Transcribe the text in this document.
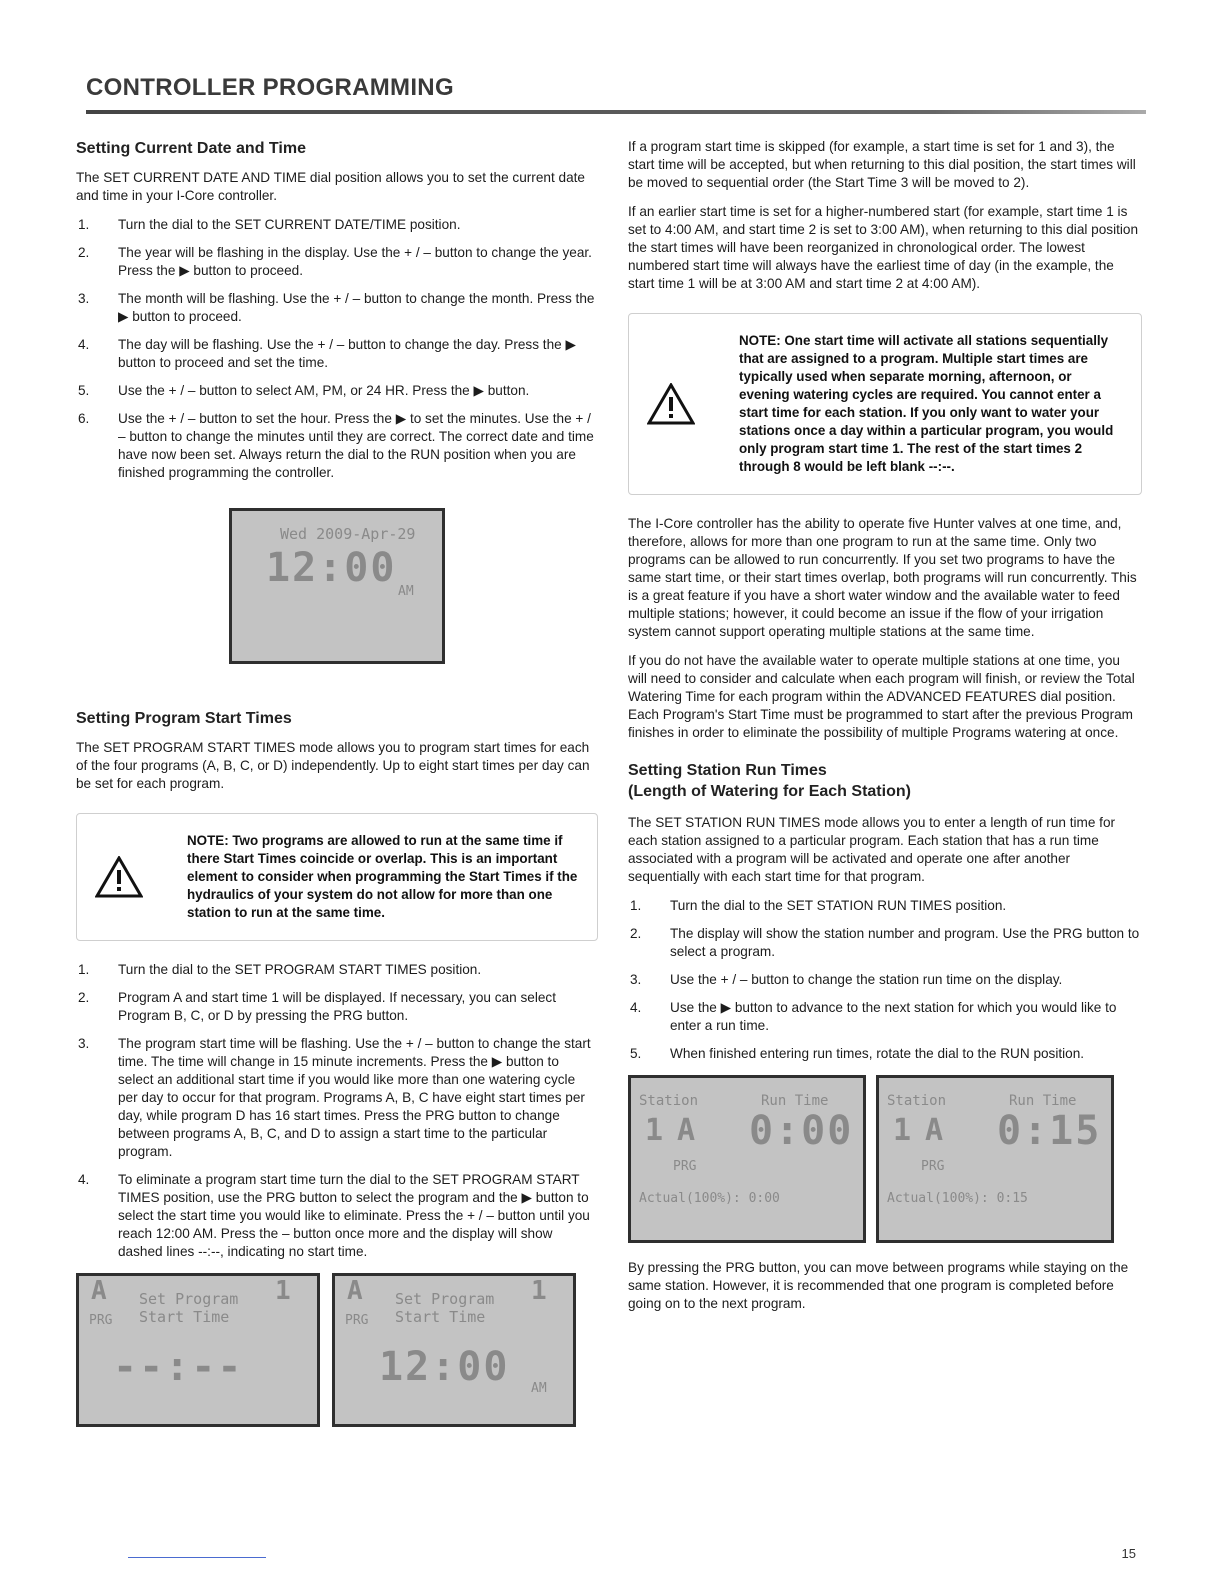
CONTROLLER PROGRAMMING
Setting Current Date and Time

The SET CURRENT DATE AND TIME dial position allows you to set the current date and time in your I-Core controller.

1.	Turn the dial to the SET CURRENT DATE/TIME position.
2.	The year will be flashing in the display. Use the + / – button to change the year. Press the ▶ button to proceed.
3.	The month will be flashing. Use the + / – button to change the month. Press the ▶ button to proceed.
4.	The day will be flashing. Use the + / – button to change the day. Press the ▶ button to proceed and set the time.
5.	Use the + / – button to select AM, PM, or 24 HR. Press the ▶ button.
6.	Use the + / – button to set the hour. Press the ▶ to set the minutes. Use the + / – button to change the minutes until they are correct. The correct date and time have now been set. Always return the dial to the RUN position when you are finished programming the controller.
Wed 2009-Apr-29
12:00
AM
Setting Program Start Times

The SET PROGRAM START TIMES mode allows you to program start times for each of the four programs (A, B, C, or D) independently. Up to eight start times per day can be set for each program.

NOTE: Two programs are allowed to run at the same time if there Start Times coincide or overlap. This is an important element to consider when programming the Start Times if the hydraulics of your system do not allow for more than one station to run at the same time.
1.	Turn the dial to the SET PROGRAM START TIMES position.
2.	Program A and start time 1 will be displayed. If necessary, you can select Program B, C, or D by pressing the PRG button.
3.	The program start time will be flashing. Use the + / – button to change the start time. The time will change in 15 minute increments. Press the ▶ button to select an additional start time if you would like more than one watering cycle per day to occur for that program. Programs A, B, C have eight start times per day, while program D has 16 start times. Press the PRG button to change between programs A, B, C, and D to assign a start time to the particular program.
4.	To eliminate a program start time turn the dial to the SET PROGRAM START TIMES position, use the PRG button to select the program and the ▶ button to select the start time you would like to eliminate. Press the + / – button until you reach 12:00 AM. Press the – button once more and the display will show dashed lines --:--, indicating no start time.
A
PRG
Set Program
Start Time
1
--:--
A
PRG
Set Program
Start Time
1
12:00 AM

If a program start time is skipped (for example, a start time is set for 1 and 3), the start time will be accepted, but when returning to this dial position, the start times will be moved to sequential order (the Start Time 3 will be moved to 2).

If an earlier start time is set for a higher-numbered start (for example, start time 1 is set to 4:00 AM, and start time 2 is set to 3:00 AM), when returning to this dial position the start times will have been reorganized in chronological order. The lowest numbered start time will always have the earliest time of day (in the example, the start time 1 will be at 3:00 AM and start time 2 at 4:00 AM).

NOTE: One start time will activate all stations sequentially that are assigned to a program. Multiple start times are typically used when separate morning, afternoon, or evening watering cycles are required. You cannot enter a start time for each station. If you only want to water your stations once a day within a particular program, you would only program start time 1. The rest of the start times 2 through 8 would be left blank --:--.

The I-Core controller has the ability to operate five Hunter valves at one time, and, therefore, allows for more than one program to run at the same time. Only two programs can be allowed to run concurrently. If you set two programs to have the same start time, or their start times overlap, both programs will run concurrently. This is a great feature if you have a short water window and the available water to feed multiple stations; however, it could become an issue if the flow of your irrigation system cannot support operating multiple stations at the same time.

If you do not have the available water to operate multiple stations at one time, you will need to consider and calculate when each program will finish, or review the Total Watering Time for each program within the ADVANCED FEATURES dial position. Each Program's Start Time must be programmed to start after the previous Program finishes in order to eliminate the possibility of multiple Programs watering at once.

Setting Station Run Times
(Length of Watering for Each Station)

The SET STATION RUN TIMES mode allows you to enter a length of run time for each station assigned to a particular program. Each station that has a run time associated with a program will be activated and operate one after another sequentially with each start time for that program.

1.	Turn the dial to the SET STATION RUN TIMES position.
2.	The display will show the station number and program. Use the PRG button to select a program.
3.	Use the + / – button to change the station run time on the display.
4.	Use the ▶ button to advance to the next station for which you would like to enter a run time.
5.	When finished entering run times, rotate the dial to the RUN position.
Station	Run Time
1 A
PRG
0:00
Actual(100%): 0:00
Station	Run Time
1 A
PRG
0:15
Actual(100%): 0:15

By pressing the PRG button, you can move between programs while staying on the same station. However, it is recommended that one program is completed before going on to the next program.

15
